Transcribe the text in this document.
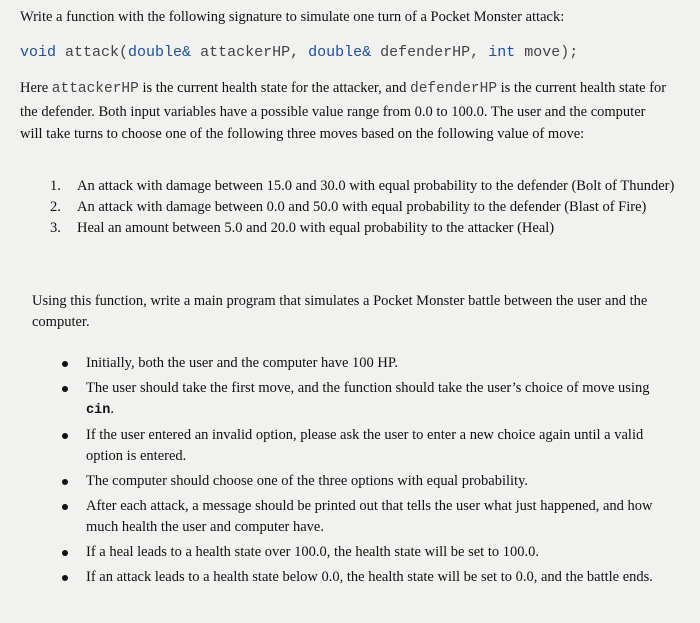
Write a function with the following signature to simulate one turn of a Pocket Monster attack:
void attack(double& attackerHP, double& defenderHP, int move);
Here attackerHP is the current health state for the attacker, and defenderHP is the current health state for the defender. Both input variables have a possible value range from 0.0 to 100.0. The user and the computer will take turns to choose one of the following three moves based on the following value of move:
1. An attack with damage between 15.0 and 30.0 with equal probability to the defender (Bolt of Thunder)
2. An attack with damage between 0.0 and 50.0 with equal probability to the defender (Blast of Fire)
3. Heal an amount between 5.0 and 20.0 with equal probability to the attacker (Heal)
Using this function, write a main program that simulates a Pocket Monster battle between the user and the computer.
Initially, both the user and the computer have 100 HP.
The user should take the first move, and the function should take the user’s choice of move using cin.
If the user entered an invalid option, please ask the user to enter a new choice again until a valid option is entered.
The computer should choose one of the three options with equal probability.
After each attack, a message should be printed out that tells the user what just happened, and how much health the user and computer have.
If a heal leads to a health state over 100.0, the health state will be set to 100.0.
If an attack leads to a health state below 0.0, the health state will be set to 0.0, and the battle ends.
